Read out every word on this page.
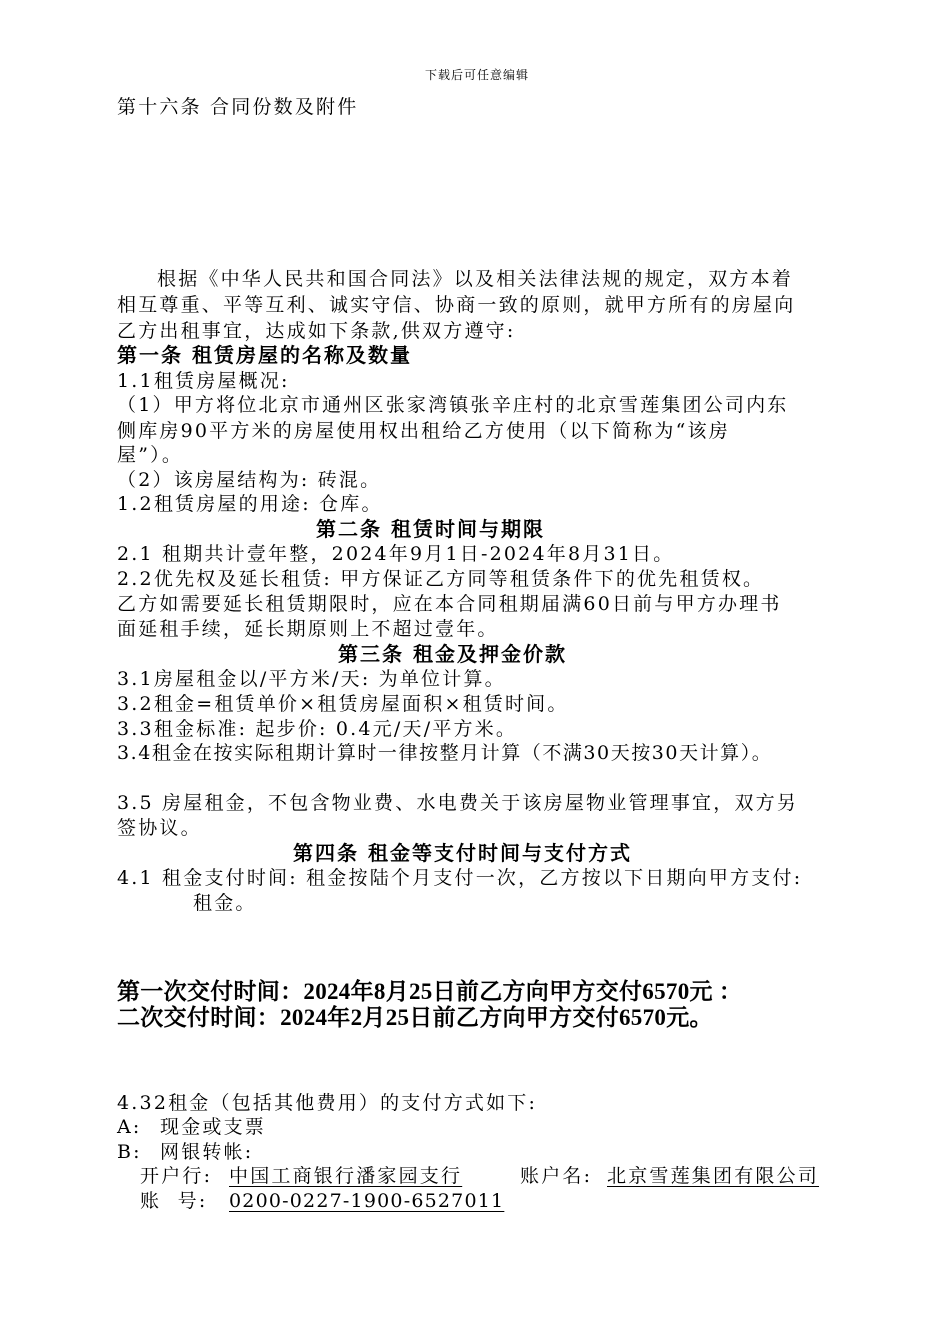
下载后可任意编辑
第十六条 合同份数及附件
根据《中华人民共和国合同法》以及相关法律法规的规定，双方本着
相互尊重、平等互利、诚实守信、协商一致的原则，就甲方所有的房屋向
乙方出租事宜，达成如下条款,供双方遵守:
第一条 租赁房屋的名称及数量
1.1租赁房屋概况:
（1）甲方将位北京市通州区张家湾镇张辛庄村的北京雪莲集团公司内东
侧库房90平方米的房屋使用权出租给乙方使用（以下简称为“该房
屋”）。
（2）该房屋结构为: 砖混。
1.2租赁房屋的用途: 仓库。
第二条 租赁时间与期限
2.1 租期共计壹年整，2024年9月1日-2024年8月31日。
2.2优先权及延长租赁: 甲方保证乙方同等租赁条件下的优先租赁权。
乙方如需要延长租赁期限时，应在本合同租期届满60日前与甲方办理书
面延租手续，延长期原则上不超过壹年。
第三条 租金及押金价款
3.1房屋租金以/平方米/天: 为单位计算。
3.2租金=租赁单价×租赁房屋面积×租赁时间。
3.3租金标准: 起步价: 0.4元/天/平方米。
3.4租金在按实际租期计算时一律按整月计算（不满30天按30天计算）。
3.5 房屋租金，不包含物业费、水电费关于该房屋物业管理事宜，双方另
签协议。
第四条 租金等支付时间与支付方式
4.1 租金支付时间: 租金按陆个月支付一次，乙方按以下日期向甲方支付:
租金。
第一次交付时间：2024年8月25日前乙方向甲方交付6570元 ：
二次交付时间：2024年2月25日前乙方向甲方交付6570元。
4.32租金（包括其他费用）的支付方式如下:
A: 现金或支票
B: 网银转帐:
开户行: 中国工商银行潘家园支行	账户名: 北京雪莲集团有限公司
账  号: 0200-0227-1900-6527011
